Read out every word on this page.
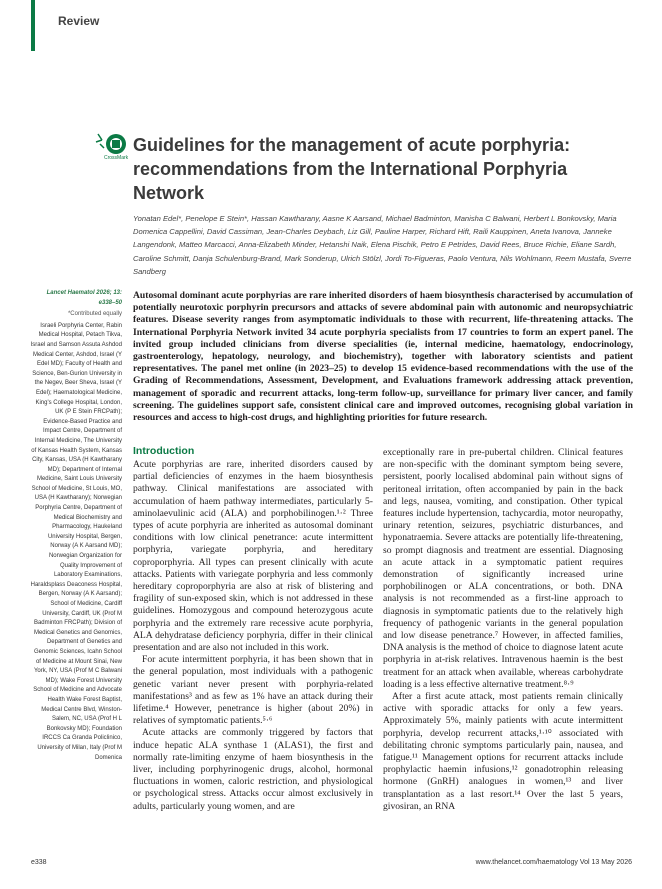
Review
CrossMark
Guidelines for the management of acute porphyria: recommendations from the International Porphyria Network
Yonatan Edel*, Penelope E Stein*, Hassan Kawtharany, Aasne K Aarsand, Michael Badminton, Manisha C Balwani, Herbert L Bonkovsky, Maria Domenica Cappellini, David Cassiman, Jean-Charles Deybach, Liz Gill, Pauline Harper, Richard Hift, Raili Kauppinen, Aneta Ivanova, Janneke Langendonk, Matteo Marcacci, Anna-Elizabeth Minder, Hetanshi Naik, Elena Pischik, Petro E Petrides, David Rees, Bruce Richie, Eliane Sardh, Caroline Schmitt, Danja Schulenburg-Brand, Mark Sonderup, Ulrich Stölzl, Jordi To-Figueras, Paolo Ventura, Nils Wohlmann, Reem Mustafa, Sverre Sandberg

Lancet Haematol 2026; 13: e338–50

*Contributed equally

Israeli Porphyria Center, Rabin Medical Hospital, Petach Tikva, Israel and Samson Assuta Ashdod Medical Center, Ashdod, Israel (Y Edel MD); Faculty of Health and Science, Ben-Gurion University in the Negev, Beer Sheva, Israel (Y Edel); Haematological Medicine, King's College Hospital, London, UK (P E Stein FRCPath); Evidence-Based Practice and Impact Centre, Department of Internal Medicine, The University of Kansas Health System, Kansas City, Kansas, USA (H Kawtharany MD); Department of Internal Medicine, Saint Louis University School of Medicine, St Louis, MO, USA (H Kawtharany); Norwegian Porphyria Centre, Department of Medical Biochemistry and Pharmacology, Haukeland University Hospital, Bergen, Norway (A K Aarsand MD); Norwegian Organization for Quality Improvement of Laboratory Examinations, Haraldsplass Deaconess Hospital, Bergen, Norway (A K Aarsand); School of Medicine, Cardiff University, Cardiff, UK (Prof M Badminton FRCPath); Division of Medical Genetics and Genomics, Department of Genetics and Genomic Sciences, Icahn School of Medicine at Mount Sinai, New York, NY, USA (Prof M C Balwani MD); Wake Forest University School of Medicine and Advocate Health Wake Forest Baptist, Medical Centre Blvd, Winston-Salem, NC, USA (Prof H L Bonkovsky MD); Foundation IRCCS Ca Granda Policlinico, University of Milan, Italy (Prof M Domenica

Autosomal dominant acute porphyrias are rare inherited disorders of haem biosynthesis characterised by accumulation of potentially neurotoxic porphyrin precursors and attacks of severe abdominal pain with autonomic and neuropsychiatric features. Disease severity ranges from asymptomatic individuals to those with recurrent, life-threatening attacks. The International Porphyria Network invited 34 acute porphyria specialists from 17 countries to form an expert panel. The invited group included clinicians from diverse specialities (ie, internal medicine, haematology, endocrinology, gastroenterology, hepatology, neurology, and biochemistry), together with laboratory scientists and patient representatives. The panel met online (in 2023–25) to develop 15 evidence-based recommendations with the use of the Grading of Recommendations, Assessment, Development, and Evaluations framework addressing attack prevention, management of sporadic and recurrent attacks, long-term follow-up, surveillance for primary liver cancer, and family screening. The guidelines support safe, consistent clinical care and improved outcomes, recognising global variation in resources and access to high-cost drugs, and highlighting priorities for future research.
Introduction

Acute porphyrias are rare, inherited disorders caused by partial deficiencies of enzymes in the haem biosynthesis pathway. Clinical manifestations are associated with accumulation of haem pathway intermediates, particularly 5-aminolaevulinic acid (ALA) and porphobilinogen.¹·² Three types of acute porphyria are inherited as autosomal dominant conditions with low clinical penetrance: acute intermittent porphyria, variegate porphyria, and hereditary coproporphyria. All types can present clinically with acute attacks. Patients with variegate porphyria and less commonly hereditary coproporphyria are also at risk of blistering and fragility of sun-exposed skin, which is not addressed in these guidelines. Homozygous and compound heterozygous acute porphyria and the extremely rare recessive acute porphyria, ALA dehydratase deficiency porphyria, differ in their clinical presentation and are also not included in this work.

For acute intermittent porphyria, it has been shown that in the general population, most individuals with a pathogenic genetic variant never present with porphyria-related manifestations³ and as few as 1% have an attack during their lifetime.⁴ However, penetrance is higher (about 20%) in relatives of symptomatic patients.⁵·⁶

Acute attacks are commonly triggered by factors that induce hepatic ALA synthase 1 (ALAS1), the first and normally rate-limiting enzyme of haem biosynthesis in the liver, including porphyrinogenic drugs, alcohol, hormonal fluctuations in women, caloric restriction, and physiological or psychological stress. Attacks occur almost exclusively in adults, particularly young women, and are

exceptionally rare in pre-pubertal children. Clinical features are non-specific with the dominant symptom being severe, persistent, poorly localised abdominal pain without signs of peritoneal irritation, often accompanied by pain in the back and legs, nausea, vomiting, and constipation. Other typical features include hypertension, tachycardia, motor neuropathy, urinary retention, seizures, psychiatric disturbances, and hyponatraemia. Severe attacks are potentially life-threatening, so prompt diagnosis and treatment are essential. Diagnosing an acute attack in a symptomatic patient requires demonstration of significantly increased urine porphobilinogen or ALA concentrations, or both. DNA analysis is not recommended as a first-line approach to diagnosis in symptomatic patients due to the relatively high frequency of pathogenic variants in the general population and low disease penetrance.⁷ However, in affected families, DNA analysis is the method of choice to diagnose latent acute porphyria in at-risk relatives. Intravenous haemin is the best treatment for an attack when available, whereas carbohydrate loading is a less effective alternative treatment.⁸·⁹

After a first acute attack, most patients remain clinically active with sporadic attacks for only a few years. Approximately 5%, mainly patients with acute intermittent porphyria, develop recurrent attacks,¹·¹⁰ associated with debilitating chronic symptoms particularly pain, nausea, and fatigue.¹¹ Management options for recurrent attacks include prophylactic haemin infusions,¹² gonadotrophin releasing hormone (GnRH) analogues in women,¹³ and liver transplantation as a last resort.¹⁴ Over the last 5 years, givosiran, an RNA

e338	www.thelancet.com/haematology Vol 13 May 2026
